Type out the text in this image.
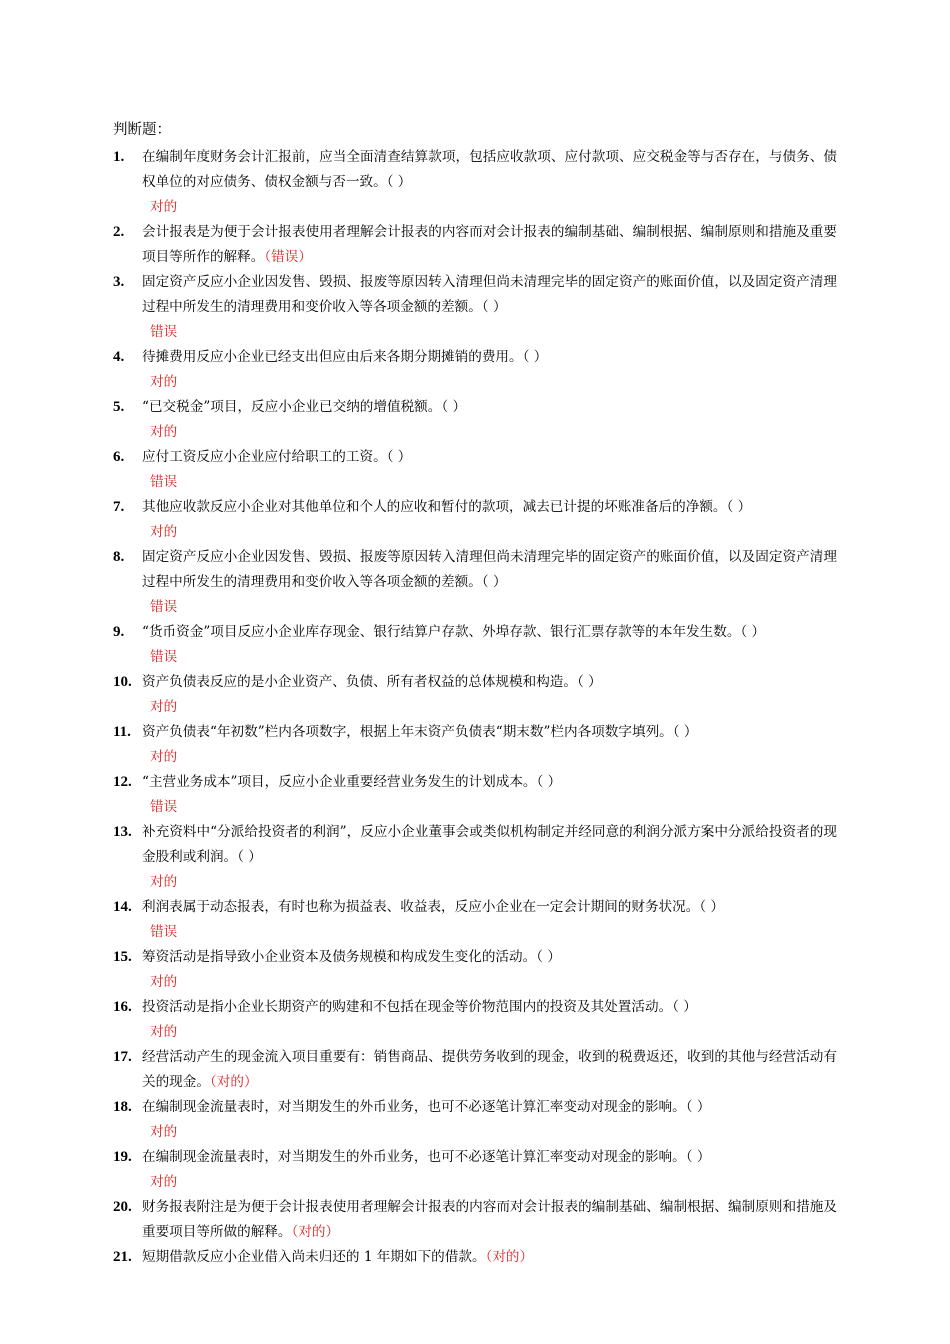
判断题：
1.	在编制年度财务会计汇报前，应当全面清查结算款项，包括应收款项、应付款项、应交税金等与否存在，与债务、债权单位的对应债务、债权金额与否一致。（ ）
对的
2.	会计报表是为便于会计报表使用者理解会计报表的内容而对会计报表的编制基础、编制根据、编制原则和措施及重要项目等所作的解释。（错误）
3.	固定资产反应小企业因发售、毁损、报废等原因转入清理但尚未清理完毕的固定资产的账面价值，以及固定资产清理过程中所发生的清理费用和变价收入等各项金额的差额。（ ）
错误
4.	待摊费用反应小企业已经支出但应由后来各期分期摊销的费用。（ ）
对的
5.	“已交税金”项目，反应小企业已交纳的增值税额。（ ）
对的
6.	应付工资反应小企业应付给职工的工资。（ ）
错误
7.	其他应收款反应小企业对其他单位和个人的应收和暂付的款项，减去已计提的坏账准备后的净额。（ ）
对的
8.	固定资产反应小企业因发售、毁损、报废等原因转入清理但尚未清理完毕的固定资产的账面价值，以及固定资产清理过程中所发生的清理费用和变价收入等各项金额的差额。（ ）
错误
9.	“货币资金”项目反应小企业库存现金、银行结算户存款、外埠存款、银行汇票存款等的本年发生数。（ ）
错误
10. 资产负债表反应的是小企业资产、负债、所有者权益的总体规模和构造。（ ）
对的
11. 资产负债表“年初数”栏内各项数字，根据上年末资产负债表“期末数”栏内各项数字填列。（ ）
对的
12. “主营业务成本”项目，反应小企业重要经营业务发生的计划成本。（ ）
错误
13. 补充资料中“分派给投资者的利润”，反应小企业董事会或类似机构制定并经同意的利润分派方案中分派给投资者的现金股利或利润。（ ）
对的
14. 利润表属于动态报表，有时也称为损益表、收益表，反应小企业在一定会计期间的财务状况。（ ）
错误
15. 筹资活动是指导致小企业资本及债务规模和构成发生变化的活动。（ ）
对的
16. 投资活动是指小企业长期资产的购建和不包括在现金等价物范围内的投资及其处置活动。（ ）
对的
17. 经营活动产生的现金流入项目重要有：销售商品、提供劳务收到的现金，收到的税费返还，收到的其他与经营活动有关的现金。（对的）
18. 在编制现金流量表时，对当期发生的外币业务，也可不必逐笔计算汇率变动对现金的影响。（ ）
对的
19. 在编制现金流量表时，对当期发生的外币业务，也可不必逐笔计算汇率变动对现金的影响。（ ）
对的
20. 财务报表附注是为便于会计报表使用者理解会计报表的内容而对会计报表的编制基础、编制根据、编制原则和措施及重要项目等所做的解释。（对的）
21. 短期借款反应小企业借入尚未归还的 1 年期如下的借款。（对的）
